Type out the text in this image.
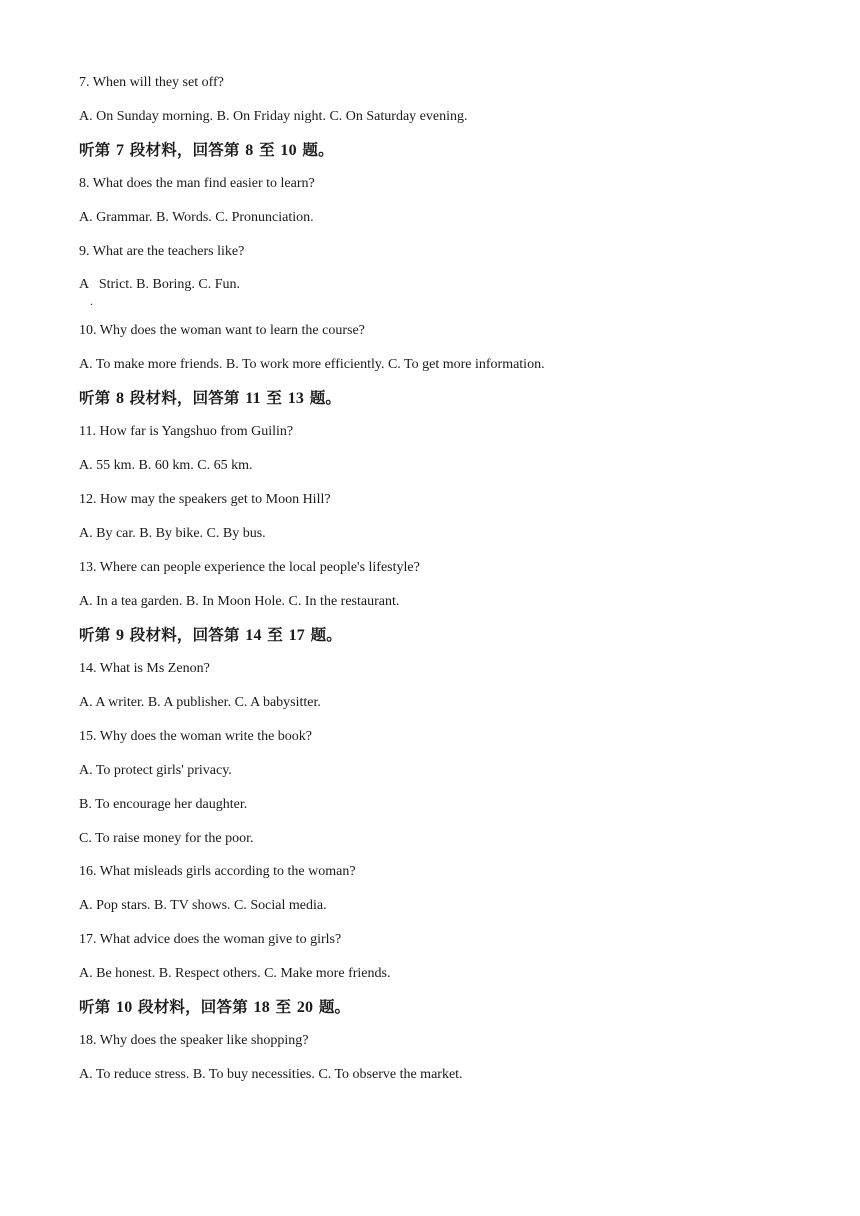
7. When will they set off?
A. On Sunday morning. B. On Friday night. C. On Saturday evening.
听第 7 段材料，回答第 8 至 10 题。
8. What does the man find easier to learn?
A. Grammar. B. Words. C. Pronunciation.
9. What are the teachers like?
A   Strict. B. Boring. C. Fun.
.
10. Why does the woman want to learn the course?
A. To make more friends. B. To work more efficiently. C. To get more information.
听第 8 段材料，回答第 11 至 13 题。
11. How far is Yangshuo from Guilin?
A. 55 km. B. 60 km. C. 65 km.
12. How may the speakers get to Moon Hill?
A. By car. B. By bike. C. By bus.
13. Where can people experience the local people's lifestyle?
A. In a tea garden. B. In Moon Hole. C. In the restaurant.
听第 9 段材料，回答第 14 至 17 题。
14. What is Ms Zenon?
A. A writer. B. A publisher. C. A babysitter.
15. Why does the woman write the book?
A. To protect girls' privacy.
B. To encourage her daughter.
C. To raise money for the poor.
16. What misleads girls according to the woman?
A. Pop stars. B. TV shows. C. Social media.
17. What advice does the woman give to girls?
A. Be honest. B. Respect others. C. Make more friends.
听第 10 段材料，回答第 18 至 20 题。
18. Why does the speaker like shopping?
A. To reduce stress. B. To buy necessities. C. To observe the market.
